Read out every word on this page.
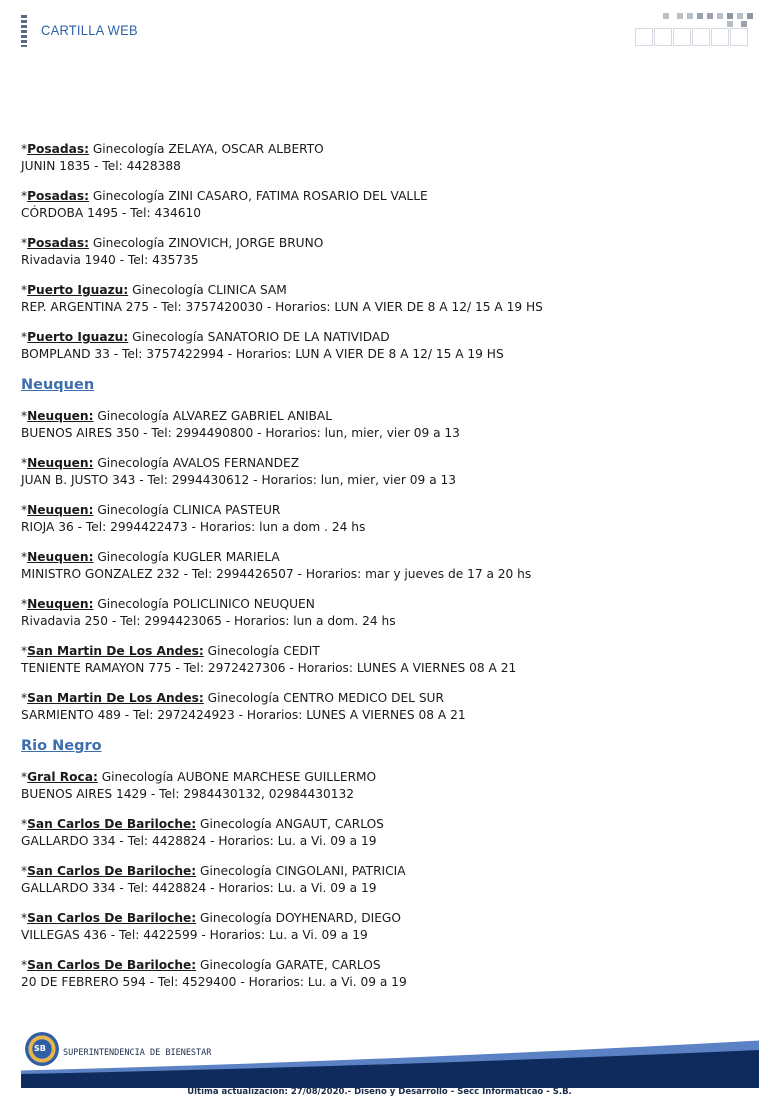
CARTILLA WEB
*Posadas: Ginecología ZELAYA, OSCAR ALBERTO
JUNIN 1835 - Tel: 4428388
*Posadas: Ginecología ZINI CASARO, FATIMA ROSARIO DEL VALLE
CÓRDOBA 1495 - Tel: 434610
*Posadas: Ginecología ZINOVICH, JORGE BRUNO
Rivadavia 1940 - Tel: 435735
*Puerto Iguazu: Ginecología CLINICA SAM
REP. ARGENTINA 275 - Tel: 3757420030 - Horarios: LUN A VIER DE 8 A 12/ 15 A 19 HS
*Puerto Iguazu: Ginecología SANATORIO DE LA NATIVIDAD
BOMPLAND 33 - Tel: 3757422994 - Horarios: LUN A VIER DE 8 A 12/ 15 A 19 HS
Neuquen
*Neuquen: Ginecología ALVAREZ GABRIEL ANIBAL
BUENOS AIRES 350 - Tel: 2994490800 - Horarios: lun, mier, vier 09 a 13
*Neuquen: Ginecología AVALOS FERNANDEZ
JUAN B. JUSTO 343 - Tel: 2994430612 - Horarios: lun, mier, vier 09 a 13
*Neuquen: Ginecología CLINICA PASTEUR
RIOJA 36 - Tel: 2994422473 - Horarios: lun a dom . 24 hs
*Neuquen: Ginecología KUGLER MARIELA
MINISTRO GONZALEZ 232 - Tel: 2994426507 - Horarios: mar y jueves de 17 a 20 hs
*Neuquen: Ginecología POLICLINICO NEUQUEN
Rivadavia 250 - Tel: 2994423065 - Horarios: lun a dom. 24 hs
*San Martin De Los Andes: Ginecología CEDIT
TENIENTE RAMAYON 775 - Tel: 2972427306 - Horarios: LUNES A VIERNES 08 A 21
*San Martin De Los Andes: Ginecología CENTRO MEDICO DEL SUR
SARMIENTO 489 - Tel: 2972424923 - Horarios: LUNES A VIERNES 08 A 21
Rio Negro
*Gral Roca: Ginecología AUBONE MARCHESE GUILLERMO
BUENOS AIRES 1429 - Tel: 2984430132, 02984430132
*San Carlos De Bariloche: Ginecología ANGAUT, CARLOS
GALLARDO 334 - Tel: 4428824 - Horarios: Lu. a Vi. 09 a 19
*San Carlos De Bariloche: Ginecología CINGOLANI, PATRICIA
GALLARDO 334 - Tel: 4428824 - Horarios: Lu. a Vi. 09 a 19
*San Carlos De Bariloche: Ginecología DOYHENARD, DIEGO
VILLEGAS 436 - Tel: 4422599 - Horarios: Lu. a Vi. 09 a 19
*San Carlos De Bariloche: Ginecología GARATE, CARLOS
20 DE FEBRERO 594 - Tel: 4529400 - Horarios: Lu. a Vi. 09 a 19
SB SUPERINTENDENCIA DE BIENESTAR
Ultima actualización: 27/08/2020.- Diseño y Desarrollo - Secc Informáticao - S.B.
